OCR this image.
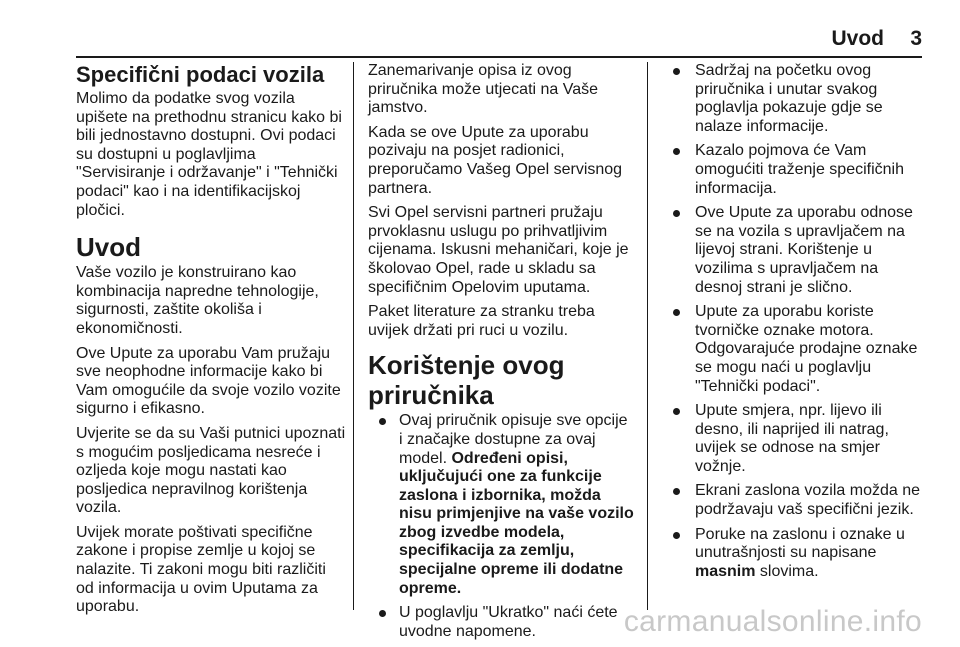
Uvod 3
Specifični podaci vozila

Molimo da podatke svog vozila upišete na prethodnu stranicu kako bi bili jednostavno dostupni. Ovi podaci su dostupni u poglavljima "Servisiranje i održavanje" i "Tehnički podaci" kao i na identifikacijskoj pločici.

Uvod

Vaše vozilo je konstruirano kao kombinacija napredne tehnologije, sigurnosti, zaštite okoliša i ekonomičnosti.

Ove Upute za uporabu Vam pružaju sve neophodne informacije kako bi Vam omogućile da svoje vozilo vozite sigurno i efikasno.

Uvjerite se da su Vaši putnici upoznati s mogućim posljedicama nesreće i ozljeda koje mogu nastati kao posljedica nepravilnog korištenja vozila.

Uvijek morate poštivati specifične zakone i propise zemlje u kojoj se nalazite. Ti zakoni mogu biti različiti od informacija u ovim Uputama za uporabu.

Zanemarivanje opisa iz ovog priručnika može utjecati na Vaše jamstvo.

Kada se ove Upute za uporabu pozivaju na posjet radionici, preporučamo Vašeg Opel servisnog partnera.

Svi Opel servisni partneri pružaju prvoklasnu uslugu po prihvatljivim cijenama. Iskusni mehaničari, koje je školovao Opel, rade u skladu sa specifičnim Opelovim uputama.

Paket literature za stranku treba uvijek držati pri ruci u vozilu.

Korištenje ovog priručnika
Ovaj priručnik opisuje sve opcije i značajke dostupne za ovaj model. Određeni opisi, uključujući one za funkcije zaslona i izbornika, možda nisu primjenjive na vaše vozilo zbog izvedbe modela, specifikacija za zemlju, specijalne opreme ili dodatne opreme.
U poglavlju "Ukratko" naći ćete uvodne napomene.
Sadržaj na početku ovog priručnika i unutar svakog poglavlja pokazuje gdje se nalaze informacije.
Kazalo pojmova će Vam omogućiti traženje specifičnih informacija.
Ove Upute za uporabu odnose se na vozila s upravljačem na lijevoj strani. Korištenje u vozilima s upravljačem na desnoj strani je slično.
Upute za uporabu koriste tvorničke oznake motora. Odgovarajuće prodajne oznake se mogu naći u poglavlju "Tehnički podaci".
Upute smjera, npr. lijevo ili desno, ili naprijed ili natrag, uvijek se odnose na smjer vožnje.
Ekrani zaslona vozila možda ne podržavaju vaš specifični jezik.
Poruke na zaslonu i oznake u unutrašnjosti su napisane masnim slovima.
carmanualsonline.info
